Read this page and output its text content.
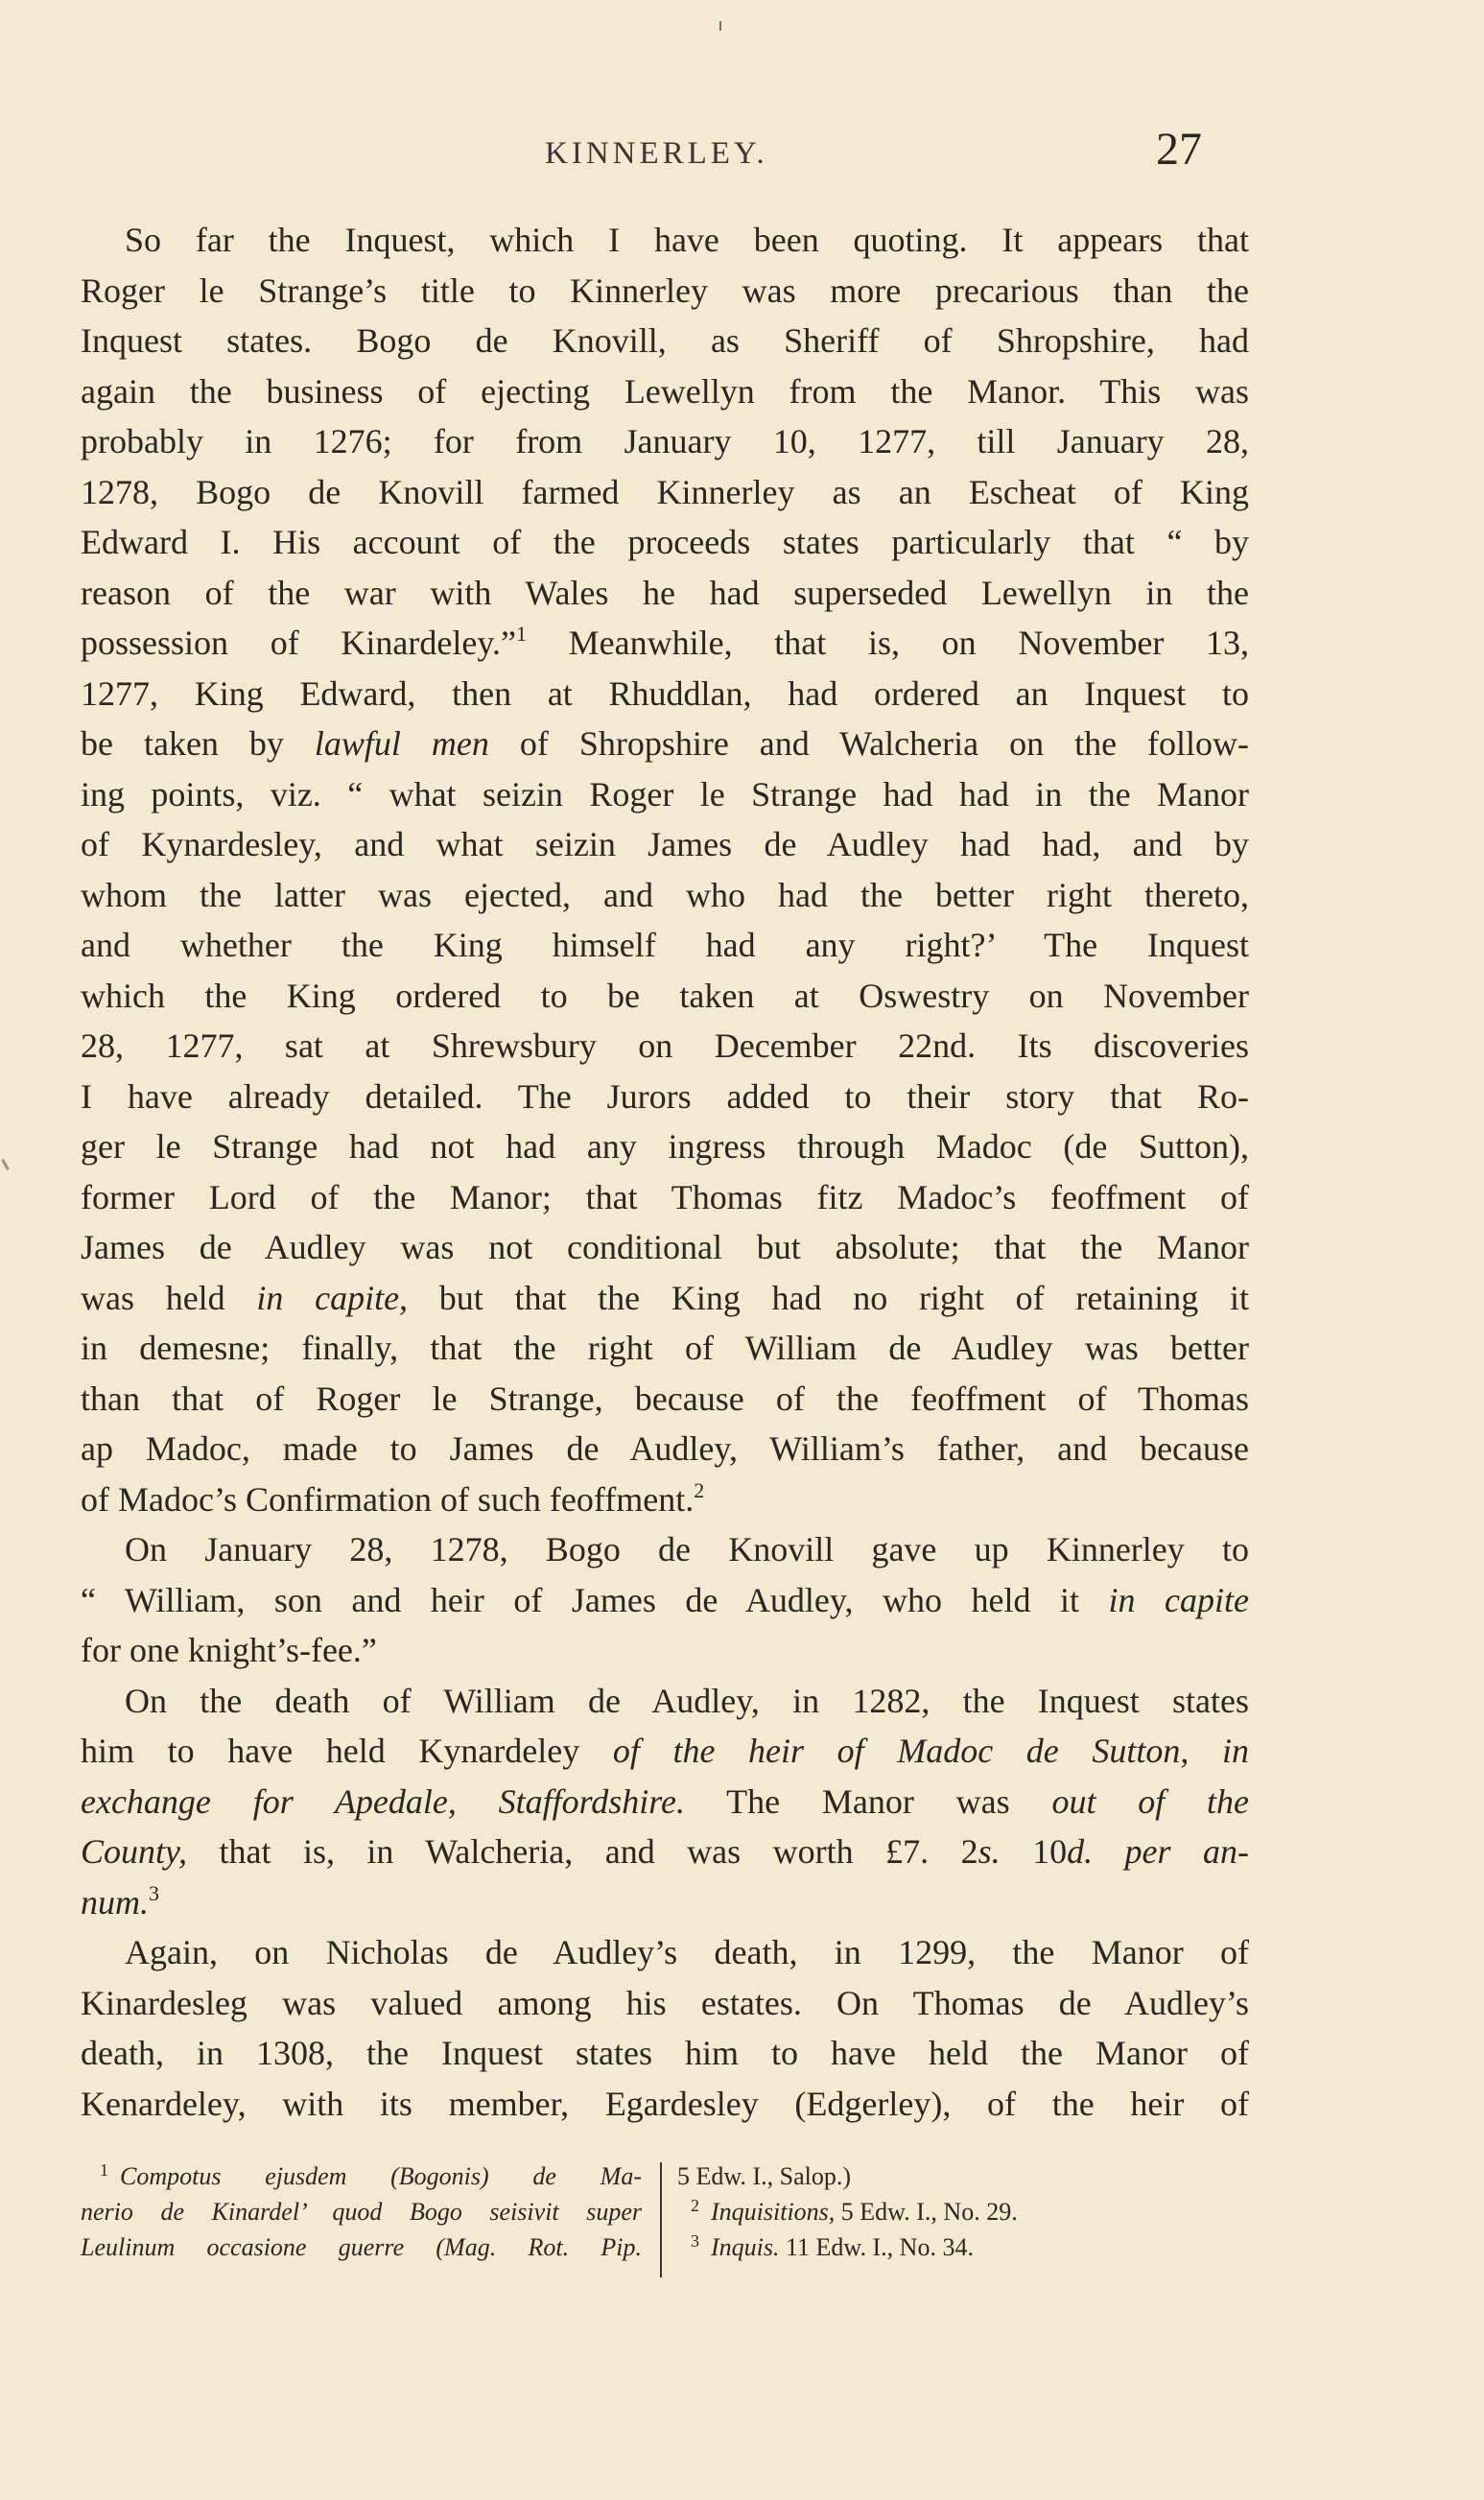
KINNERLEY.	27
So far the Inquest, which I have been quoting. It appears that
Roger le Strange’s title to Kinnerley was more precarious than the
Inquest states. Bogo de Knovill, as Sheriff of Shropshire, had
again the business of ejecting Lewellyn from the Manor. This was
probably in 1276; for from January 10, 1277, till January 28,
1278, Bogo de Knovill farmed Kinnerley as an Escheat of King
Edward I. His account of the proceeds states particularly that “ by
reason of the war with Wales he had superseded Lewellyn in the
possession of Kinardeley.”$^1$ Meanwhile, that is, on November 13,
1277, King Edward, then at Rhuddlan, had ordered an Inquest to
be taken by lawful men of Shropshire and Walcheria on the follow-
ing points, viz. “ what seizin Roger le Strange had had in the Manor
of Kynardesley, and what seizin James de Audley had had, and by
whom the latter was ejected, and who had the better right thereto,
and whether the King himself had any right?’ The Inquest
which the King ordered to be taken at Oswestry on November
28, 1277, sat at Shrewsbury on December 22nd. Its discoveries
I have already detailed. The Jurors added to their story that Ro-
ger le Strange had not had any ingress through Madoc (de Sutton),
former Lord of the Manor; that Thomas fitz Madoc’s feoffment of
James de Audley was not conditional but absolute; that the Manor
was held in capite, but that the King had no right of retaining it
in demesne; finally, that the right of William de Audley was better
than that of Roger le Strange, because of the feoffment of Thomas
ap Madoc, made to James de Audley, William’s father, and because
of Madoc’s Confirmation of such feoffment.$^2$
On January 28, 1278, Bogo de Knovill gave up Kinnerley to
“ William, son and heir of James de Audley, who held it in capite
for one knight’s-fee.”
On the death of William de Audley, in 1282, the Inquest states
him to have held Kynardeley of the heir of Madoc de Sutton, in
exchange for Apedale, Staffordshire. The Manor was out of the
County, that is, in Walcheria, and was worth £7. 2s. 10d. per an-
num.$^3$
Again, on Nicholas de Audley’s death, in 1299, the Manor of
Kinardesleg was valued among his estates. On Thomas de Audley’s
death, in 1308, the Inquest states him to have held the Manor of
Kenardeley, with its member, Egardesley (Edgerley), of the heir of
$^1$ Compotus ejusdem (Bogonis) de Ma-
nerio de Kinardel’ quod Bogo seisivit super
Leulinum occasione guerre (Mag. Rot. Pip.
5 Edw. I., Salop.)
$^2$ Inquisitions, 5 Edw. I., No. 29.
$^3$ Inquis. 11 Edw. I., No. 34.
